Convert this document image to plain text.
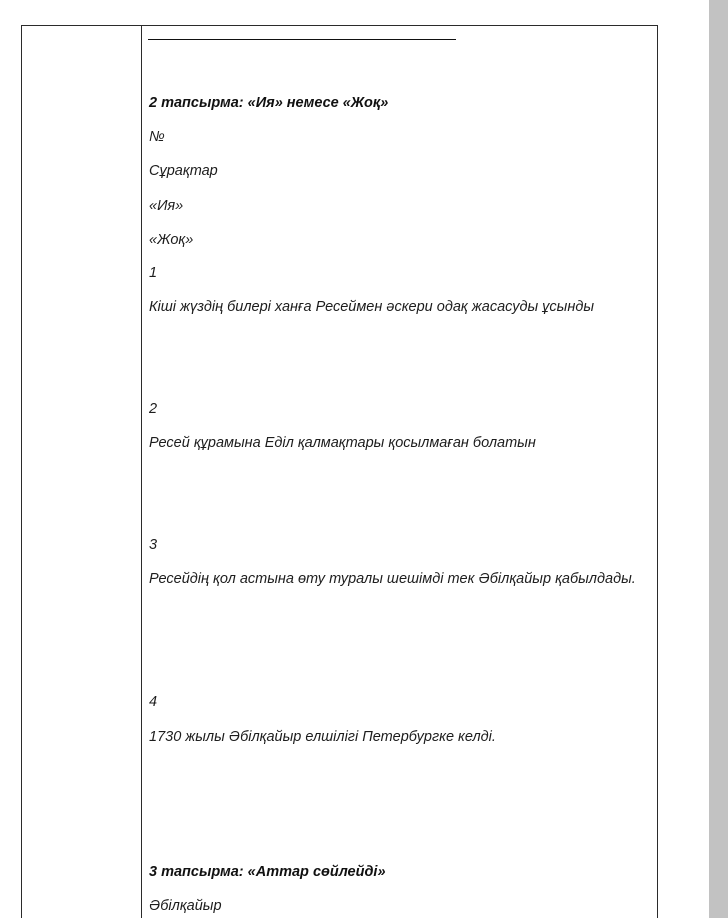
2 тапсырма: «Ия» немесе «Жоқ»
№
Сұрақтар
«Ия»
«Жоқ»
1
Кіші жүздің билері ханға Ресеймен әскери одақ жасасуды ұсынды
2
Ресей құрамына Еділ қалмақтары қосылмаған болатын
3
Ресейдің қол астына өту туралы шешімді тек Әбілқайыр қабылдады.
4
1730 жылы Әбілқайыр елшілігі Петербургке келді.
3 тапсырма: «Аттар сөйлейді»
Әбілқайыр
